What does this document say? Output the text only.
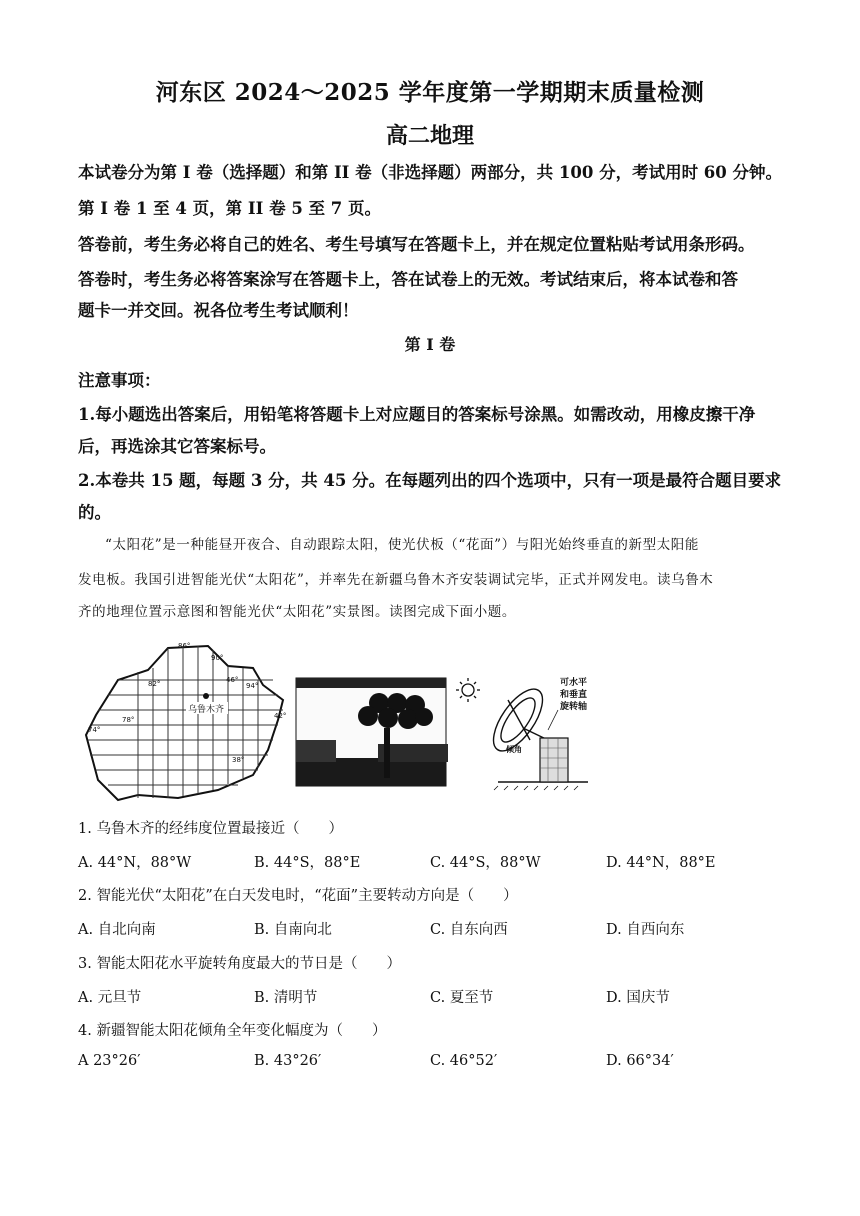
河东区 2024～2025 学年度第一学期期末质量检测
高二地理
本试卷分为第 I 卷（选择题）和第 II 卷（非选择题）两部分，共 100 分，考试用时 60 分钟。
第 I 卷 1 至 4 页，第 II 卷 5 至 7 页。
答卷前，考生务必将自己的姓名、考生号填写在答题卡上，并在规定位置粘贴考试用条形码。
答卷时，考生务必将答案涂写在答题卡上，答在试卷上的无效。考试结束后，将本试卷和答
题卡一并交回。祝各位考生考试顺利！
第 I 卷
注意事项：
1.每小题选出答案后，用铅笔将答题卡上对应题目的答案标号涂黑。如需改动，用橡皮擦干净
后，再选涂其它答案标号。
2.本卷共 15 题，每题 3 分，共 45 分。在每题列出的四个选项中，只有一项是最符合题目要求
的。
“太阳花”是一种能昼开夜合、自动跟踪太阳，使光伏板（“花面”）与阳光始终垂直的新型太阳能
发电板。我国引进智能光伏“太阳花”，并率先在新疆乌鲁木齐安装调试完毕，正式并网发电。读乌鲁木
齐的地理位置示意图和智能光伏“太阳花”实景图。读图完成下面小题。
乌鲁木齐
86°
90°
82°	46°
94°
78°
74°
42°
38°
可水平
和垂直
旋转轴
倾角
1. 乌鲁木齐的经纬度位置最接近（　　）
A. 44°N，88°W	B. 44°S，88°E	C. 44°S，88°W	D. 44°N，88°E
2. 智能光伏“太阳花”在白天发电时，“花面”主要转动方向是（　　）
A. 自北向南	B. 自南向北	C. 自东向西	D. 自西向东
3. 智能太阳花水平旋转角度最大的节日是（　　）
A. 元旦节	B. 清明节	C. 夏至节	D. 国庆节
4. 新疆智能太阳花倾角全年变化幅度为（　　）
A 23°26′	B. 43°26′	C. 46°52′	D. 66°34′
